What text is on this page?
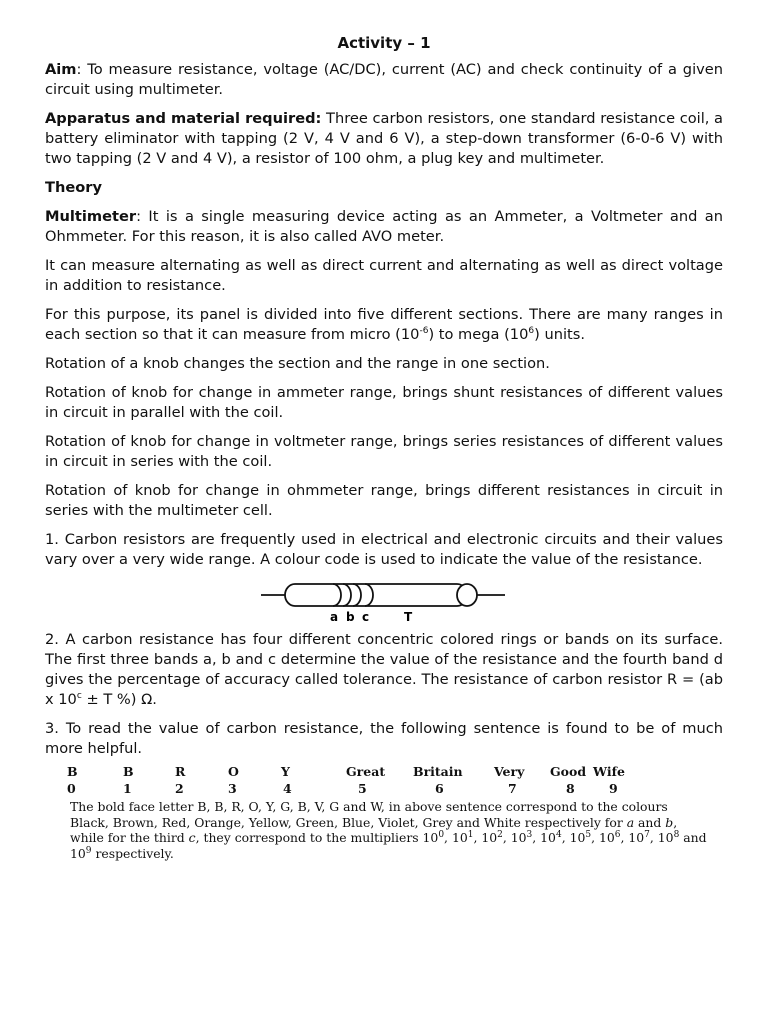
Activity – 1

Aim: To measure resistance, voltage (AC/DC), current (AC) and check continuity of a given circuit using multimeter.

Apparatus and material required: Three carbon resistors, one standard resistance coil, a battery eliminator with tapping (2 V, 4 V and 6 V), a step-down transformer (6-0-6 V) with two tapping (2 V and 4 V), a resistor of 100 ohm, a plug key and multimeter.

Theory

Multimeter: It is a single measuring device acting as an Ammeter, a Voltmeter and an Ohmmeter. For this reason, it is also called AVO meter.

It can measure alternating as well as direct current and alternating as well as direct voltage in addition to resistance.

For this purpose, its panel is divided into five different sections. There are many ranges in each section so that it can measure from micro $(10^{-6})$ to mega $(10^6)$ units.

Rotation of a knob changes the section and the range in one section.

Rotation of knob for change in ammeter range, brings shunt resistances of different values in circuit in parallel with the coil.

Rotation of knob for change in voltmeter range, brings series resistances of different values in circuit in series with the coil.

Rotation of knob for change in ohmmeter range, brings different resistances in circuit in series with the multimeter cell.

1. Carbon resistors are frequently used in electrical and electronic circuits and their values vary over a very wide range. A colour code is used to indicate the value of the resistance.

a b c	T

2. A carbon resistance has four different concentric colored rings or bands on its surface. The first three bands a, b and c determine the value of the resistance and the fourth band d gives the percentage of accuracy called tolerance. The resistance of carbon resistor R = (ab x $10^c \pm T$ %) Ω.

3. To read the value of carbon resistance, the following sentence is found to be of much more helpful.

B	B	R	O	Y	Great	Britain	Very	Good	Wife
0	1	2	3	4	5	6	7	8	9
The bold face letter B, B, R, O, Y, G, B, V, G and W, in above sentence correspond to the colours Black, Brown, Red, Orange, Yellow, Green, Blue, Violet, Grey and White respectively for a and b, while for the third c, they correspond to the multipliers $10^0$, $10^1$, $10^2$, $10^3$, $10^4$, $10^5$, $10^6$, $10^7$, $10^8$ and $10^9$ respectively.
